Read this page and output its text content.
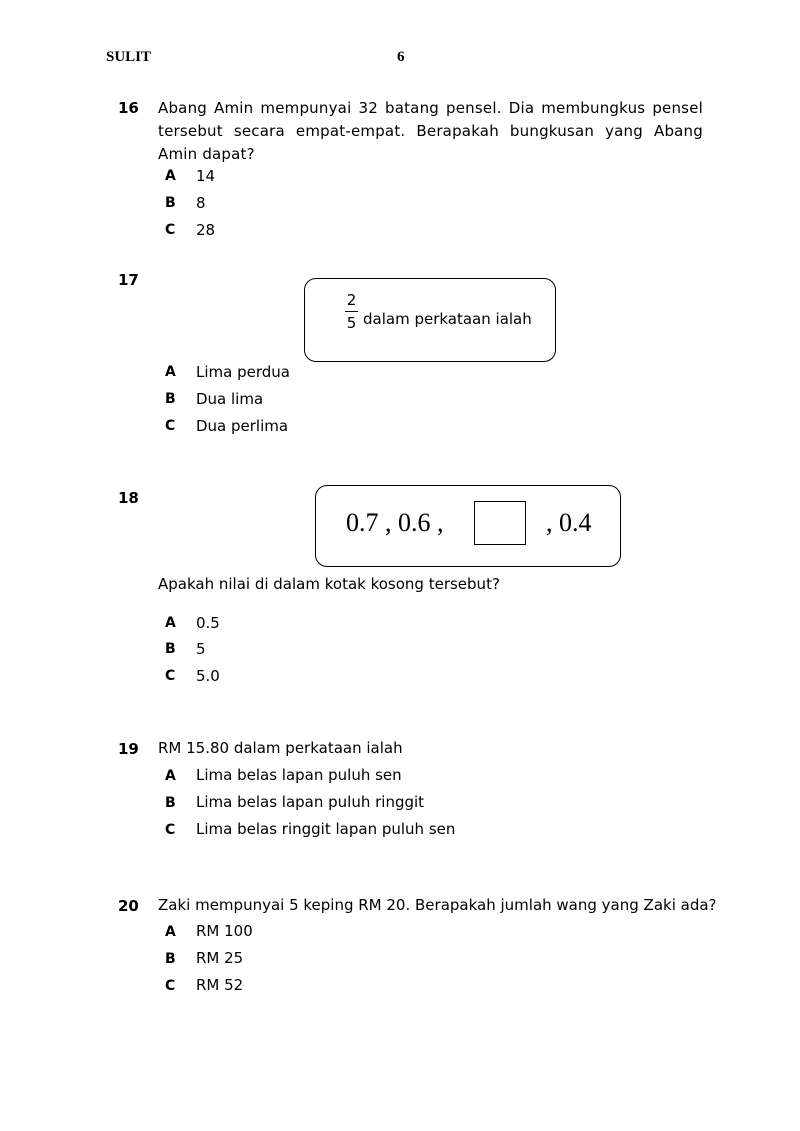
SULIT	6
16 Abang Amin mempunyai 32 batang pensel. Dia membungkus pensel tersebut secara empat-empat. Berapakah bungkusan yang Abang Amin dapat?
A 14
B 8
C 28
17
2
5 dalam perkataan ialah
A Lima perdua
B Dua lima
C Dua perlima
18
0.7 , 0.6 ,	, 0.4
Apakah nilai di dalam kotak kosong tersebut?
A 0.5
B 5
C 5.0
19 RM 15.80 dalam perkataan ialah
A Lima belas lapan puluh sen
B Lima belas lapan puluh ringgit
C Lima belas ringgit lapan puluh sen
20 Zaki mempunyai 5 keping RM 20. Berapakah jumlah wang yang Zaki ada?
A RM 100
B RM 25
C RM 52
